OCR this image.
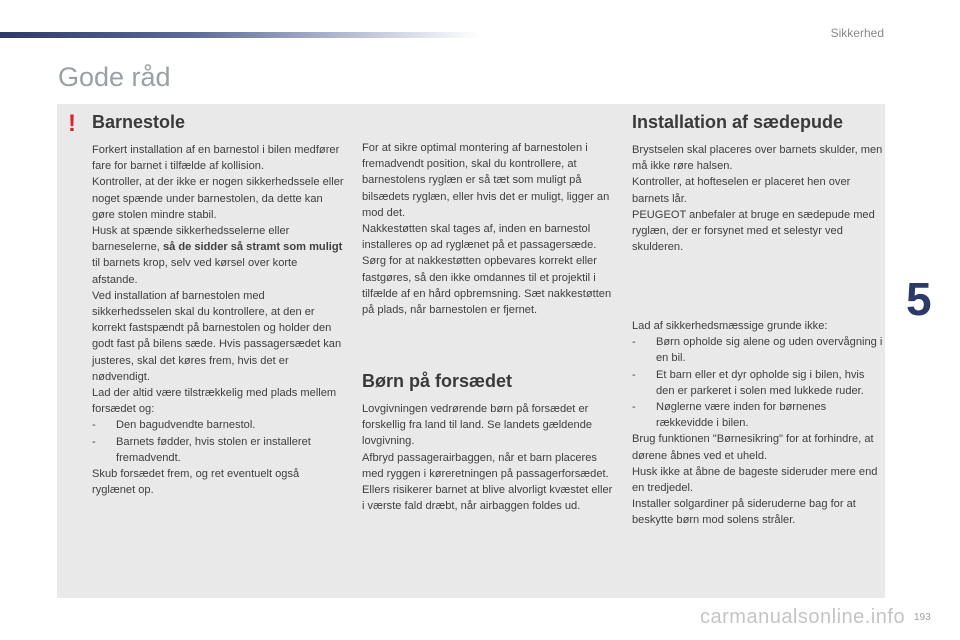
Sikkerhed
Gode råd
! Barnestole

Forkert installation af en barnestol i bilen medfører fare for barnet i tilfælde af kollision.

Kontroller, at der ikke er nogen sikkerhedssele eller noget spænde under barnestolen, da dette kan gøre stolen mindre stabil.

Husk at spænde sikkerhedsselerne eller barneselerne, så de sidder så stramt som muligt til barnets krop, selv ved kørsel over korte afstande.

Ved installation af barnestolen med sikkerhedsselen skal du kontrollere, at den er korrekt fastspændt på barnestolen og holder den godt fast på bilens sæde. Hvis passagersædet kan justeres, skal det køres frem, hvis det er nødvendigt.

Lad der altid være tilstrækkelig med plads mellem forsædet og:

- Den bagudvendte barnestol.

- Barnets fødder, hvis stolen er installeret fremadvendt.

Skub forsædet frem, og ret eventuelt også ryglænet op.

For at sikre optimal montering af barnestolen i fremadvendt position, skal du kontrollere, at barnestolens ryglæn er så tæt som muligt på bilsædets ryglæn, eller hvis det er muligt, ligger an mod det.

Nakkestøtten skal tages af, inden en barnestol installeres op ad ryglænet på et passagersæde.

Sørg for at nakkestøtten opbevares korrekt eller fastgøres, så den ikke omdannes til et projektil i tilfælde af en hård opbremsning. Sæt nakkestøtten på plads, når barnestolen er fjernet.

Børn på forsædet

Lovgivningen vedrørende børn på forsædet er forskellig fra land til land. Se landets gældende lovgivning.

Afbryd passagerairbaggen, når et barn placeres med ryggen i køreretningen på passagerforsædet. Ellers risikerer barnet at blive alvorligt kvæstet eller i værste fald dræbt, når airbaggen foldes ud.

Installation af sædepude

Brystselen skal placeres over barnets skulder, men må ikke røre halsen.

Kontroller, at hofteselen er placeret hen over barnets lår.

PEUGEOT anbefaler at bruge en sædepude med ryglæn, der er forsynet med et selestyr ved skulderen.

Lad af sikkerhedsmæssige grunde ikke:

- Børn opholde sig alene og uden overvågning i en bil.

- Et barn eller et dyr opholde sig i bilen, hvis den er parkeret i solen med lukkede ruder.

- Nøglerne være inden for børnenes rækkevidde i bilen.

Brug funktionen "Børnesikring" for at forhindre, at dørene åbnes ved et uheld.

Husk ikke at åbne de bageste sideruder mere end en tredjedel.

Installer solgardiner på sideruderne bag for at beskytte børn mod solens stråler.

5
carmanualsonline.info 193
